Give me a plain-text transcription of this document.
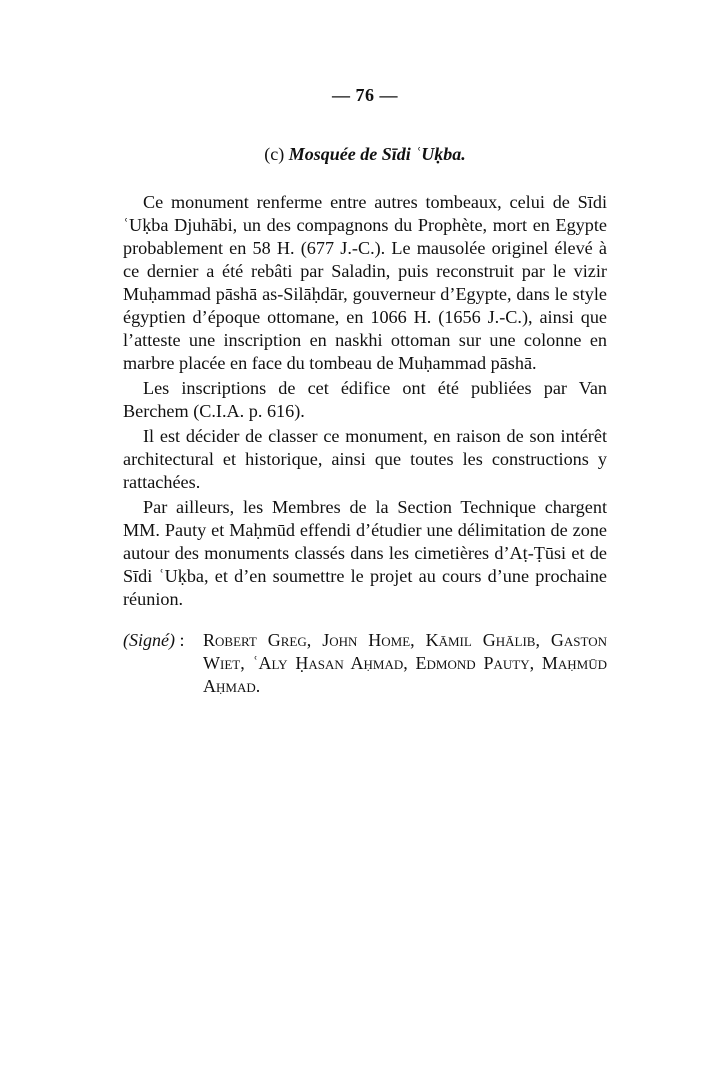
— 76 —
(c) Mosquée de Sīdi ʿUḳba.

Ce monument renferme entre autres tombeaux, celui de Sīdi ʿUḳba Djuhābi, un des compagnons du Prophète, mort en Egypte probablement en 58 H. (677 J.-C.). Le mausolée originel élevé à ce dernier a été rebâti par Saladin, puis reconstruit par le vizir Muḥammad pāshā as-Silāḥdār, gouverneur d’Egypte, dans le style égyptien d’époque ottomane, en 1066 H. (1656 J.-C.), ainsi que l’atteste une inscription en naskhi ottoman sur une colonne en marbre placée en face du tombeau de Muḥammad pāshā.

Les inscriptions de cet édifice ont été publiées par Van Berchem (C.I.A. p. 616).

Il est décider de classer ce monument, en raison de son intérêt architectural et historique, ainsi que toutes les constructions y rattachées.

Par ailleurs, les Membres de la Section Technique chargent MM. Pauty et Maḥmūd effendi d’étudier une délimitation de zone autour des monuments classés dans les cimetières d’Aṭ-Ṭūsi et de Sīdi ʿUḳba, et d’en soumettre le projet au cours d’une prochaine réunion.

(Signé) :	Robert Greg, John Home, Kāmil Ghālib, Gaston Wiet, ʿAly Ḥasan Aḥmad, Edmond Pauty, Maḥmūd Aḥmad.
